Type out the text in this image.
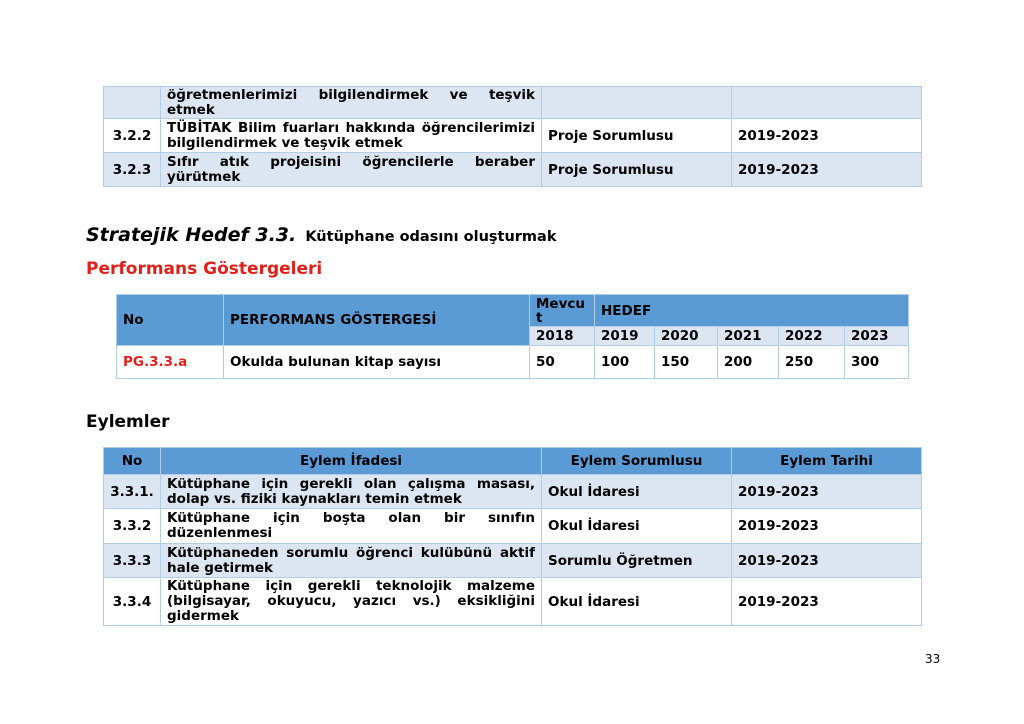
	öğretmenlerimizi bilgilendirmek ve teşvik
etmek		

3.2.2	TÜBİTAK Bilim fuarları hakkında öğrencilerimizi
bilgilendirmek ve teşvik etmek	Proje Sorumlusu	2019-2023
3.2.3	Sıfır atık projeisini öğrencilerle beraber
yürütmek	Proje Sorumlusu	2019-2023
Stratejik Hedef 3.3. Kütüphane odasını oluşturmak
Performans Göstergeleri
No	PERFORMANS GÖSTERGESİ	Mevcut	HEDEF				
		2018	2019	2020	2021	2022	2023
PG.3.3.a	Okulda bulunan kitap sayısı	50	100	150	200	250	300
Eylemler
No	Eylem İfadesi	Eylem Sorumlusu	Eylem Tarihi
3.3.1.	Kütüphane için gerekli olan çalışma masası,
dolap vs. fiziki kaynakları temin etmek	Okul İdaresi	2019-2023
3.3.2	Kütüphane için boşta olan bir sınıfın
düzenlenmesi	Okul İdaresi	2019-2023
3.3.3	Kütüphaneden sorumlu öğrenci kulübünü aktif
hale getirmek	Sorumlu Öğretmen	2019-2023
3.3.4	Kütüphane için gerekli teknolojik malzeme
(bilgisayar, okuyucu, yazıcı vs.) eksikliğini
gidermek	Okul İdaresi	2019-2023
33
